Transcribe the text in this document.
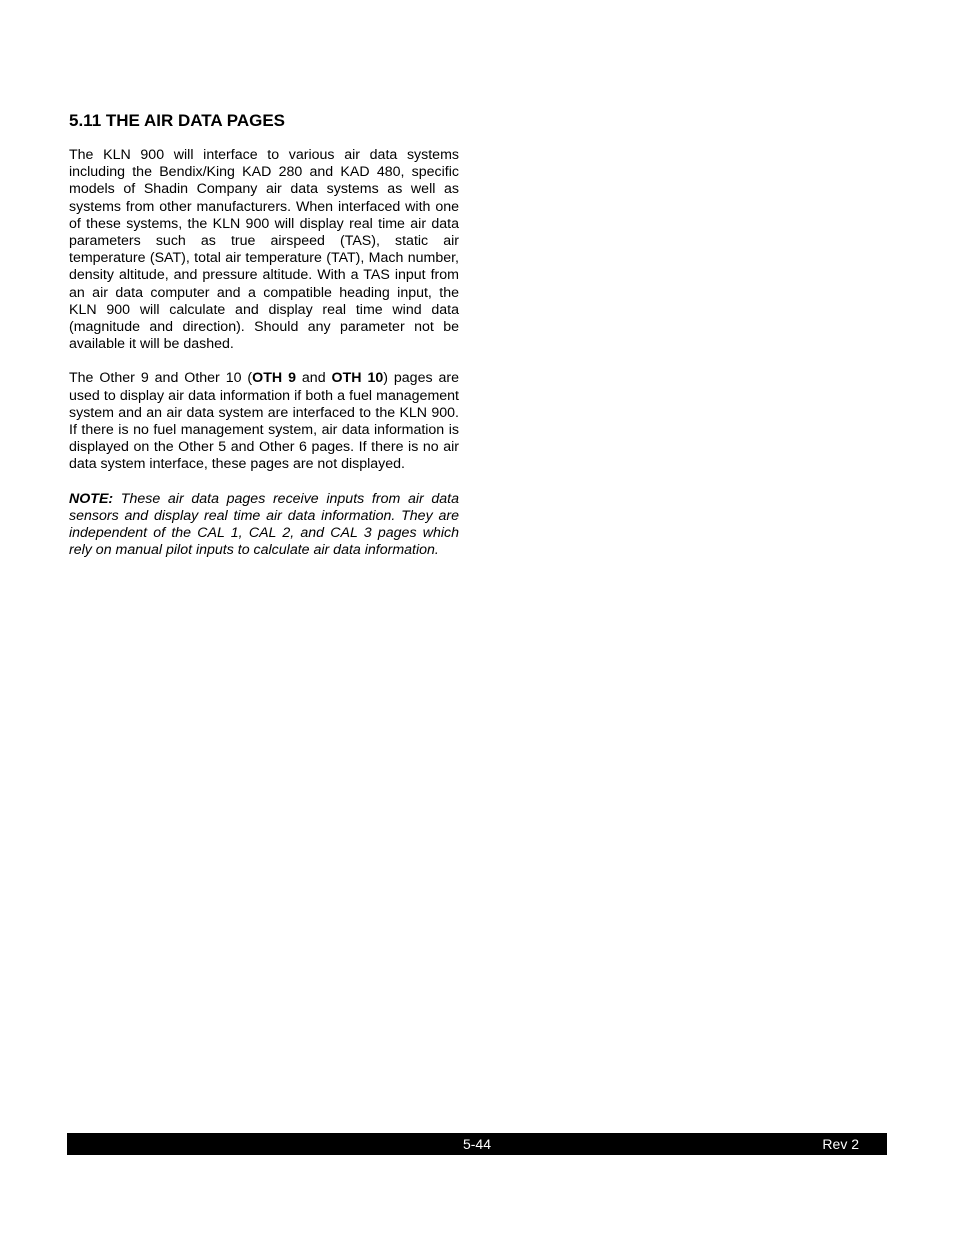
5.11 THE AIR DATA PAGES

The KLN 900 will interface to various air data systems including the Bendix/King KAD 280 and KAD 480, specific models of Shadin Company air data systems as well as systems from other manufacturers. When interfaced with one of these systems, the KLN 900 will display real time air data parameters such as true airspeed (TAS), static air temperature (SAT), total air temperature (TAT), Mach number, density altitude, and pressure altitude. With a TAS input from an air data computer and a compatible heading input, the KLN 900 will calculate and display real time wind data (magnitude and direction). Should any parameter not be available it will be dashed.

The Other 9 and Other 10 (OTH 9 and OTH 10) pages are used to display air data information if both a fuel management system and an air data system are interfaced to the KLN 900. If there is no fuel management system, air data information is displayed on the Other 5 and Other 6 pages. If there is no air data system interface, these pages are not displayed.

NOTE: These air data pages receive inputs from air data sensors and display real time air data information. They are independent of the CAL 1, CAL 2, and CAL 3 pages which rely on manual pilot inputs to calculate air data information.

5-44	Rev 2
